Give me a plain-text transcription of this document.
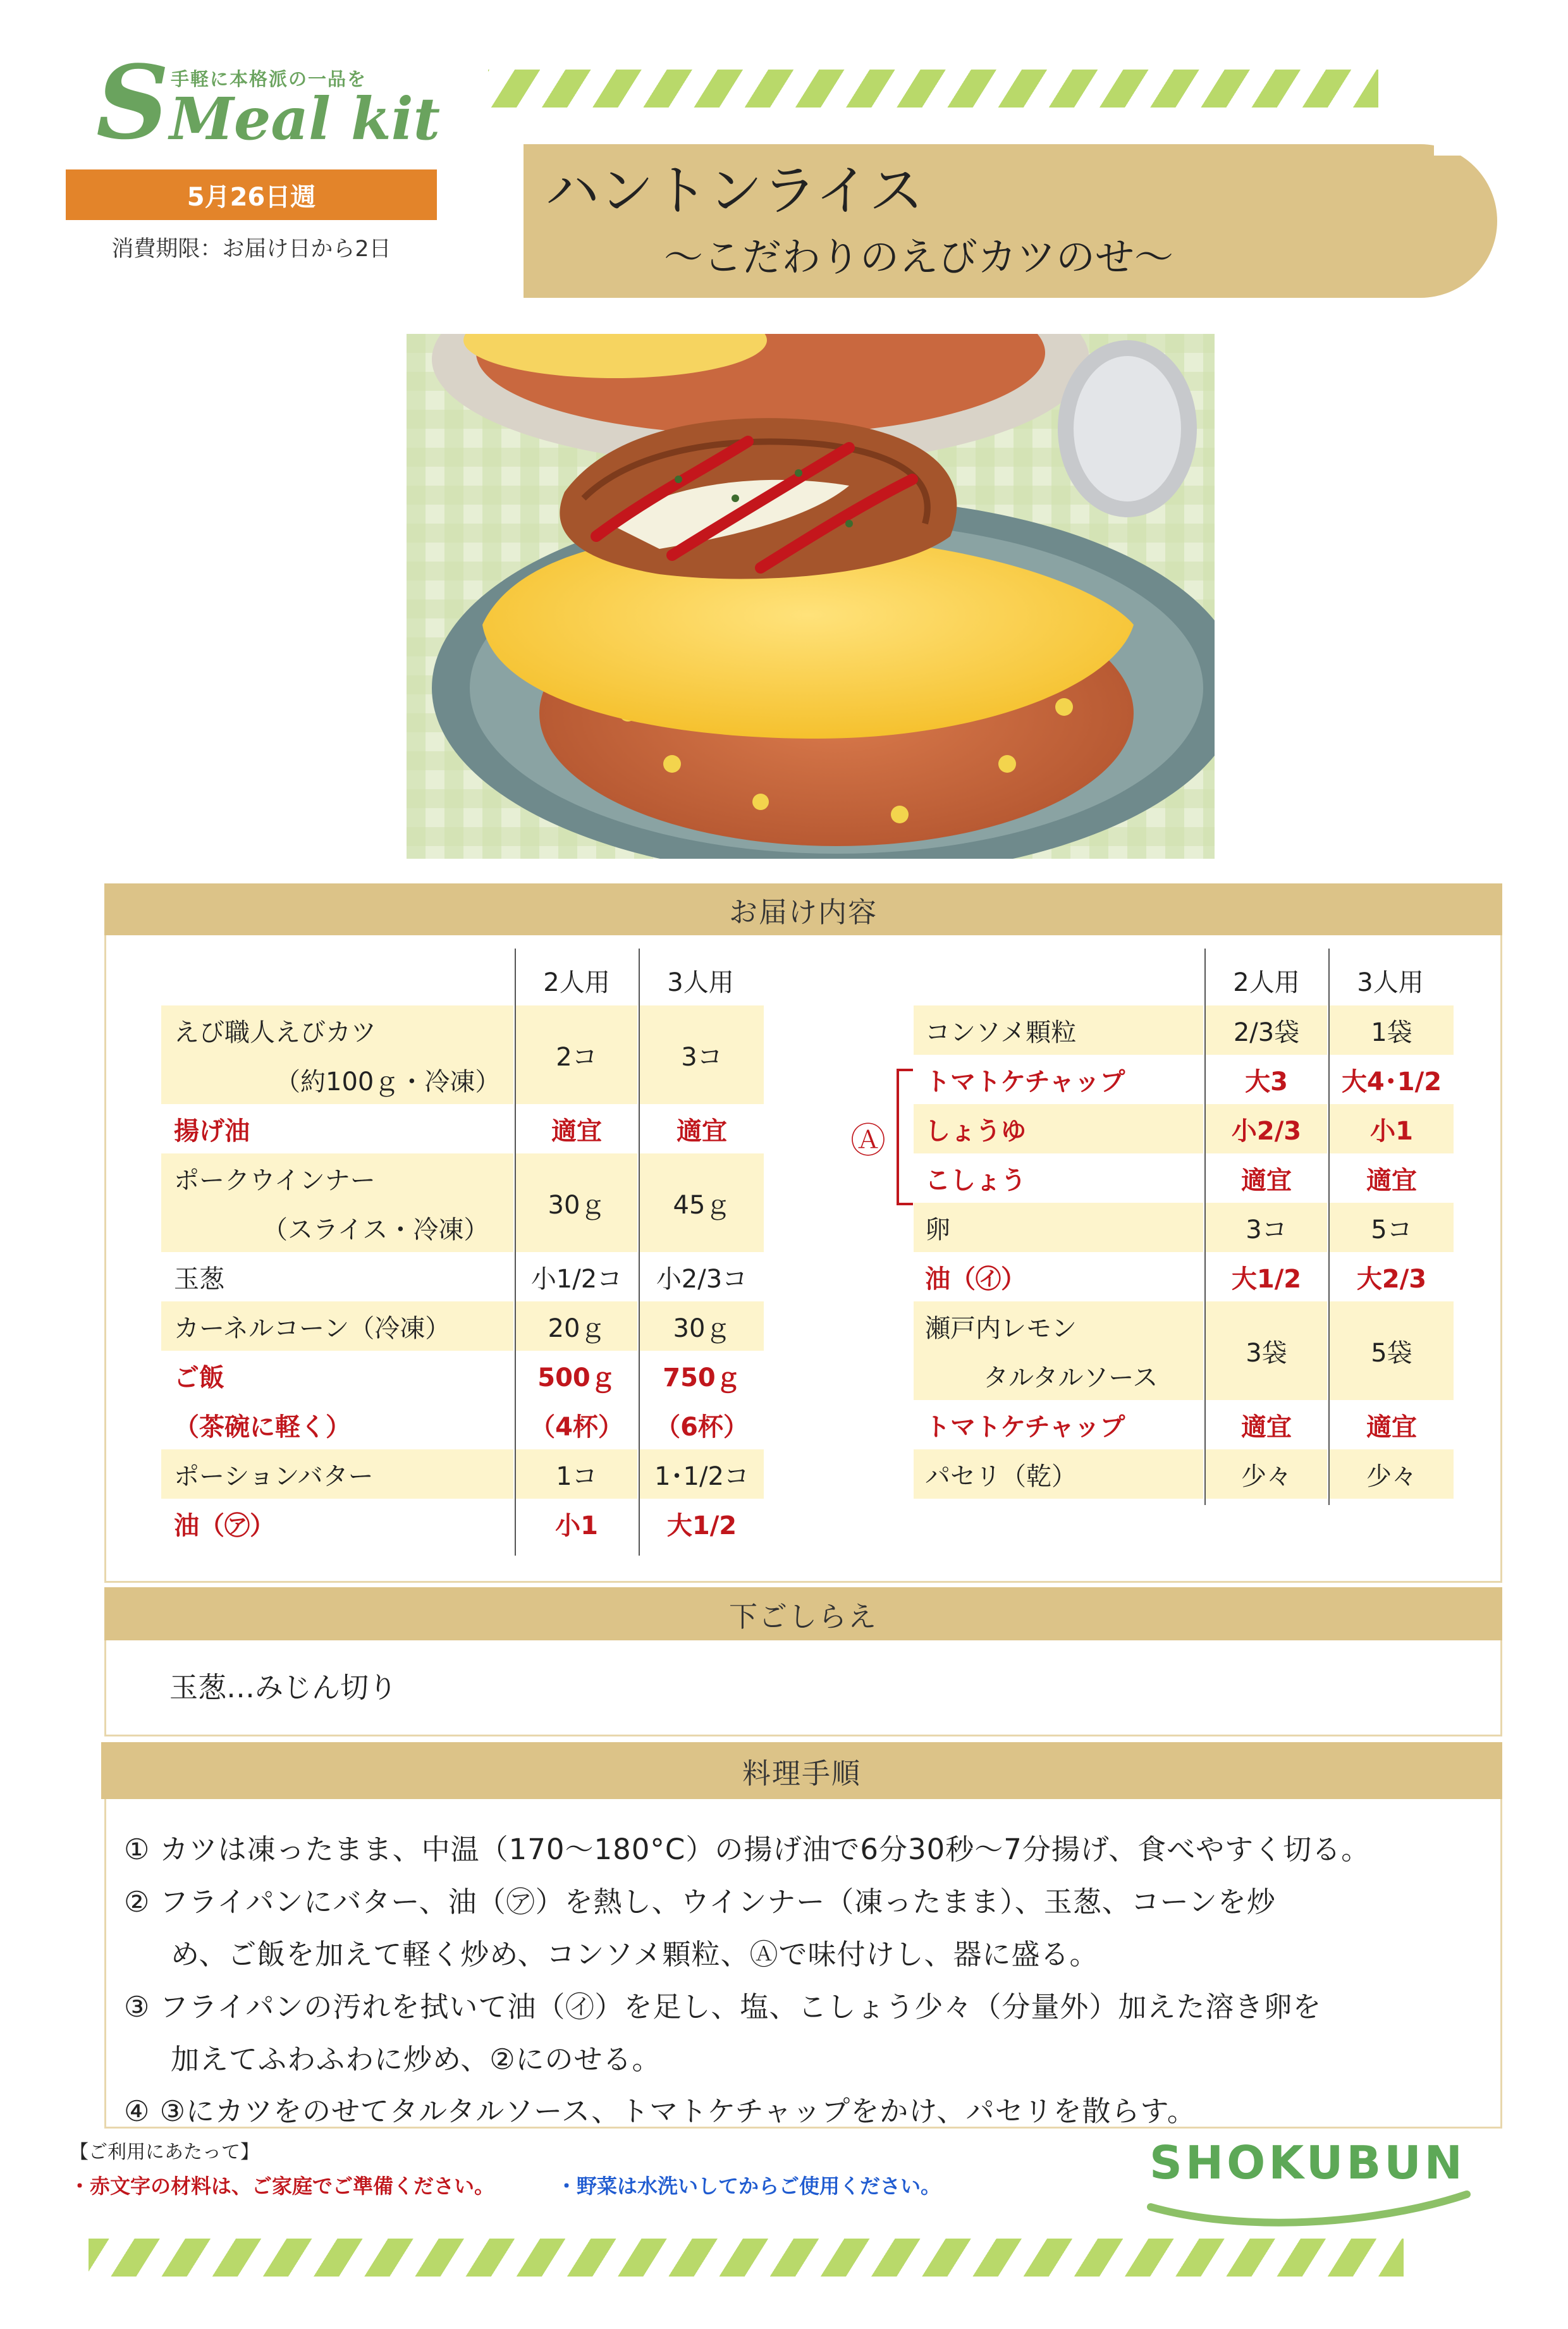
S 手軽に本格派の一品を
Meal kit
5月26日週
消費期限：お届け日から2日
ハントンライス
～こだわりのえびカツのせ～
お届け内容
2人用	3人用
えび職人えびカツ
（約100ｇ・冷凍）
2コ	3コ
揚げ油	適宜	適宜
ポークウインナー
（スライス・冷凍）
30ｇ	45ｇ
玉葱	小1/2コ	小2/3コ
カーネルコーン（冷凍）	20ｇ	30ｇ
ご飯	500ｇ	750ｇ
（茶碗に軽く）	（4杯）	（6杯）
ポーションバター	1コ	1･1/2コ
油（㋐）	小1	大1/2
2人用	3人用
Ⓐ
コンソメ顆粒	2/3袋	1袋
トマトケチャップ	大3	大4･1/2
しょうゆ	小2/3	小1
こしょう	適宜	適宜
卵	3コ	5コ
油（㋑）	大1/2	大2/3
瀬戸内レモン
タルタルソース
3袋	5袋
トマトケチャップ	適宜	適宜
パセリ（乾）	少々	少々
下ごしらえ
玉葱…みじん切り
料理手順
① カツは凍ったまま、中温（170～180°C）の揚げ油で6分30秒～7分揚げ、食べやすく切る。
② フライパンにバター、油（㋐）を熱し、ウインナー（凍ったまま）、玉葱、コーンを炒
め、ご飯を加えて軽く炒め、コンソメ顆粒、Ⓐで味付けし、器に盛る。
③ フライパンの汚れを拭いて油（㋑）を足し、塩、こしょう少々（分量外）加えた溶き卵を
加えてふわふわに炒め、②にのせる。
④ ③にカツをのせてタルタルソース、トマトケチャップをかけ、パセリを散らす。
【ご利用にあたって】
・赤文字の材料は、ご家庭でご準備ください。	・野菜は水洗いしてからご使用ください。	SHOKUBUN
